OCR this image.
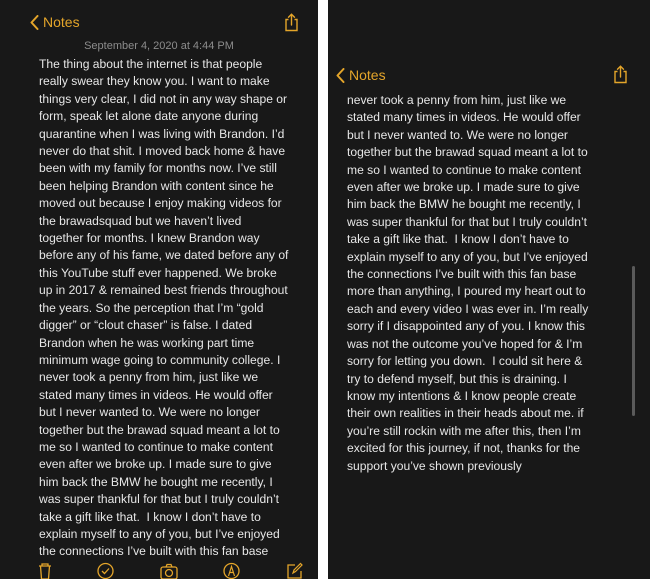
Notes
September 4, 2020 at 4:44 PM

The thing about the internet is that people
really swear they know you. I want to make
things very clear, I did not in any way shape or
form, speak let alone date anyone during
quarantine when I was living with Brandon. I’d
never do that shit. I moved back home & have
been with my family for months now. I’ve still
been helping Brandon with content since he
moved out because I enjoy making videos for
the brawadsquad but we haven’t lived
together for months. I knew Brandon way
before any of his fame, we dated before any of
this YouTube stuff ever happened. We broke
up in 2017 & remained best friends throughout
the years. So the perception that I’m “gold
digger” or “clout chaser” is false. I dated
Brandon when he was working part time
minimum wage going to community college. I
never took a penny from him, just like we
stated many times in videos. He would offer
but I never wanted to. We were no longer
together but the brawad squad meant a lot to
me so I wanted to continue to make content
even after we broke up. I made sure to give
him back the BMW he bought me recently, I
was super thankful for that but I truly couldn’t
take a gift like that.  I know I don’t have to
explain myself to any of you, but I’ve enjoyed
the connections I’ve built with this fan base

Notes

never took a penny from him, just like we
stated many times in videos. He would offer
but I never wanted to. We were no longer
together but the brawad squad meant a lot to
me so I wanted to continue to make content
even after we broke up. I made sure to give
him back the BMW he bought me recently, I
was super thankful for that but I truly couldn’t
take a gift like that.  I know I don’t have to
explain myself to any of you, but I’ve enjoyed
the connections I’ve built with this fan base
more than anything, I poured my heart out to
each and every video I was ever in. I’m really
sorry if I disappointed any of you. I know this
was not the outcome you’ve hoped for & I’m
sorry for letting you down.  I could sit here &
try to defend myself, but this is draining. I
know my intentions & I know people create
their own realities in their heads about me. if
you’re still rockin with me after this, then I’m
excited for this journey, if not, thanks for the
support you’ve shown previously
